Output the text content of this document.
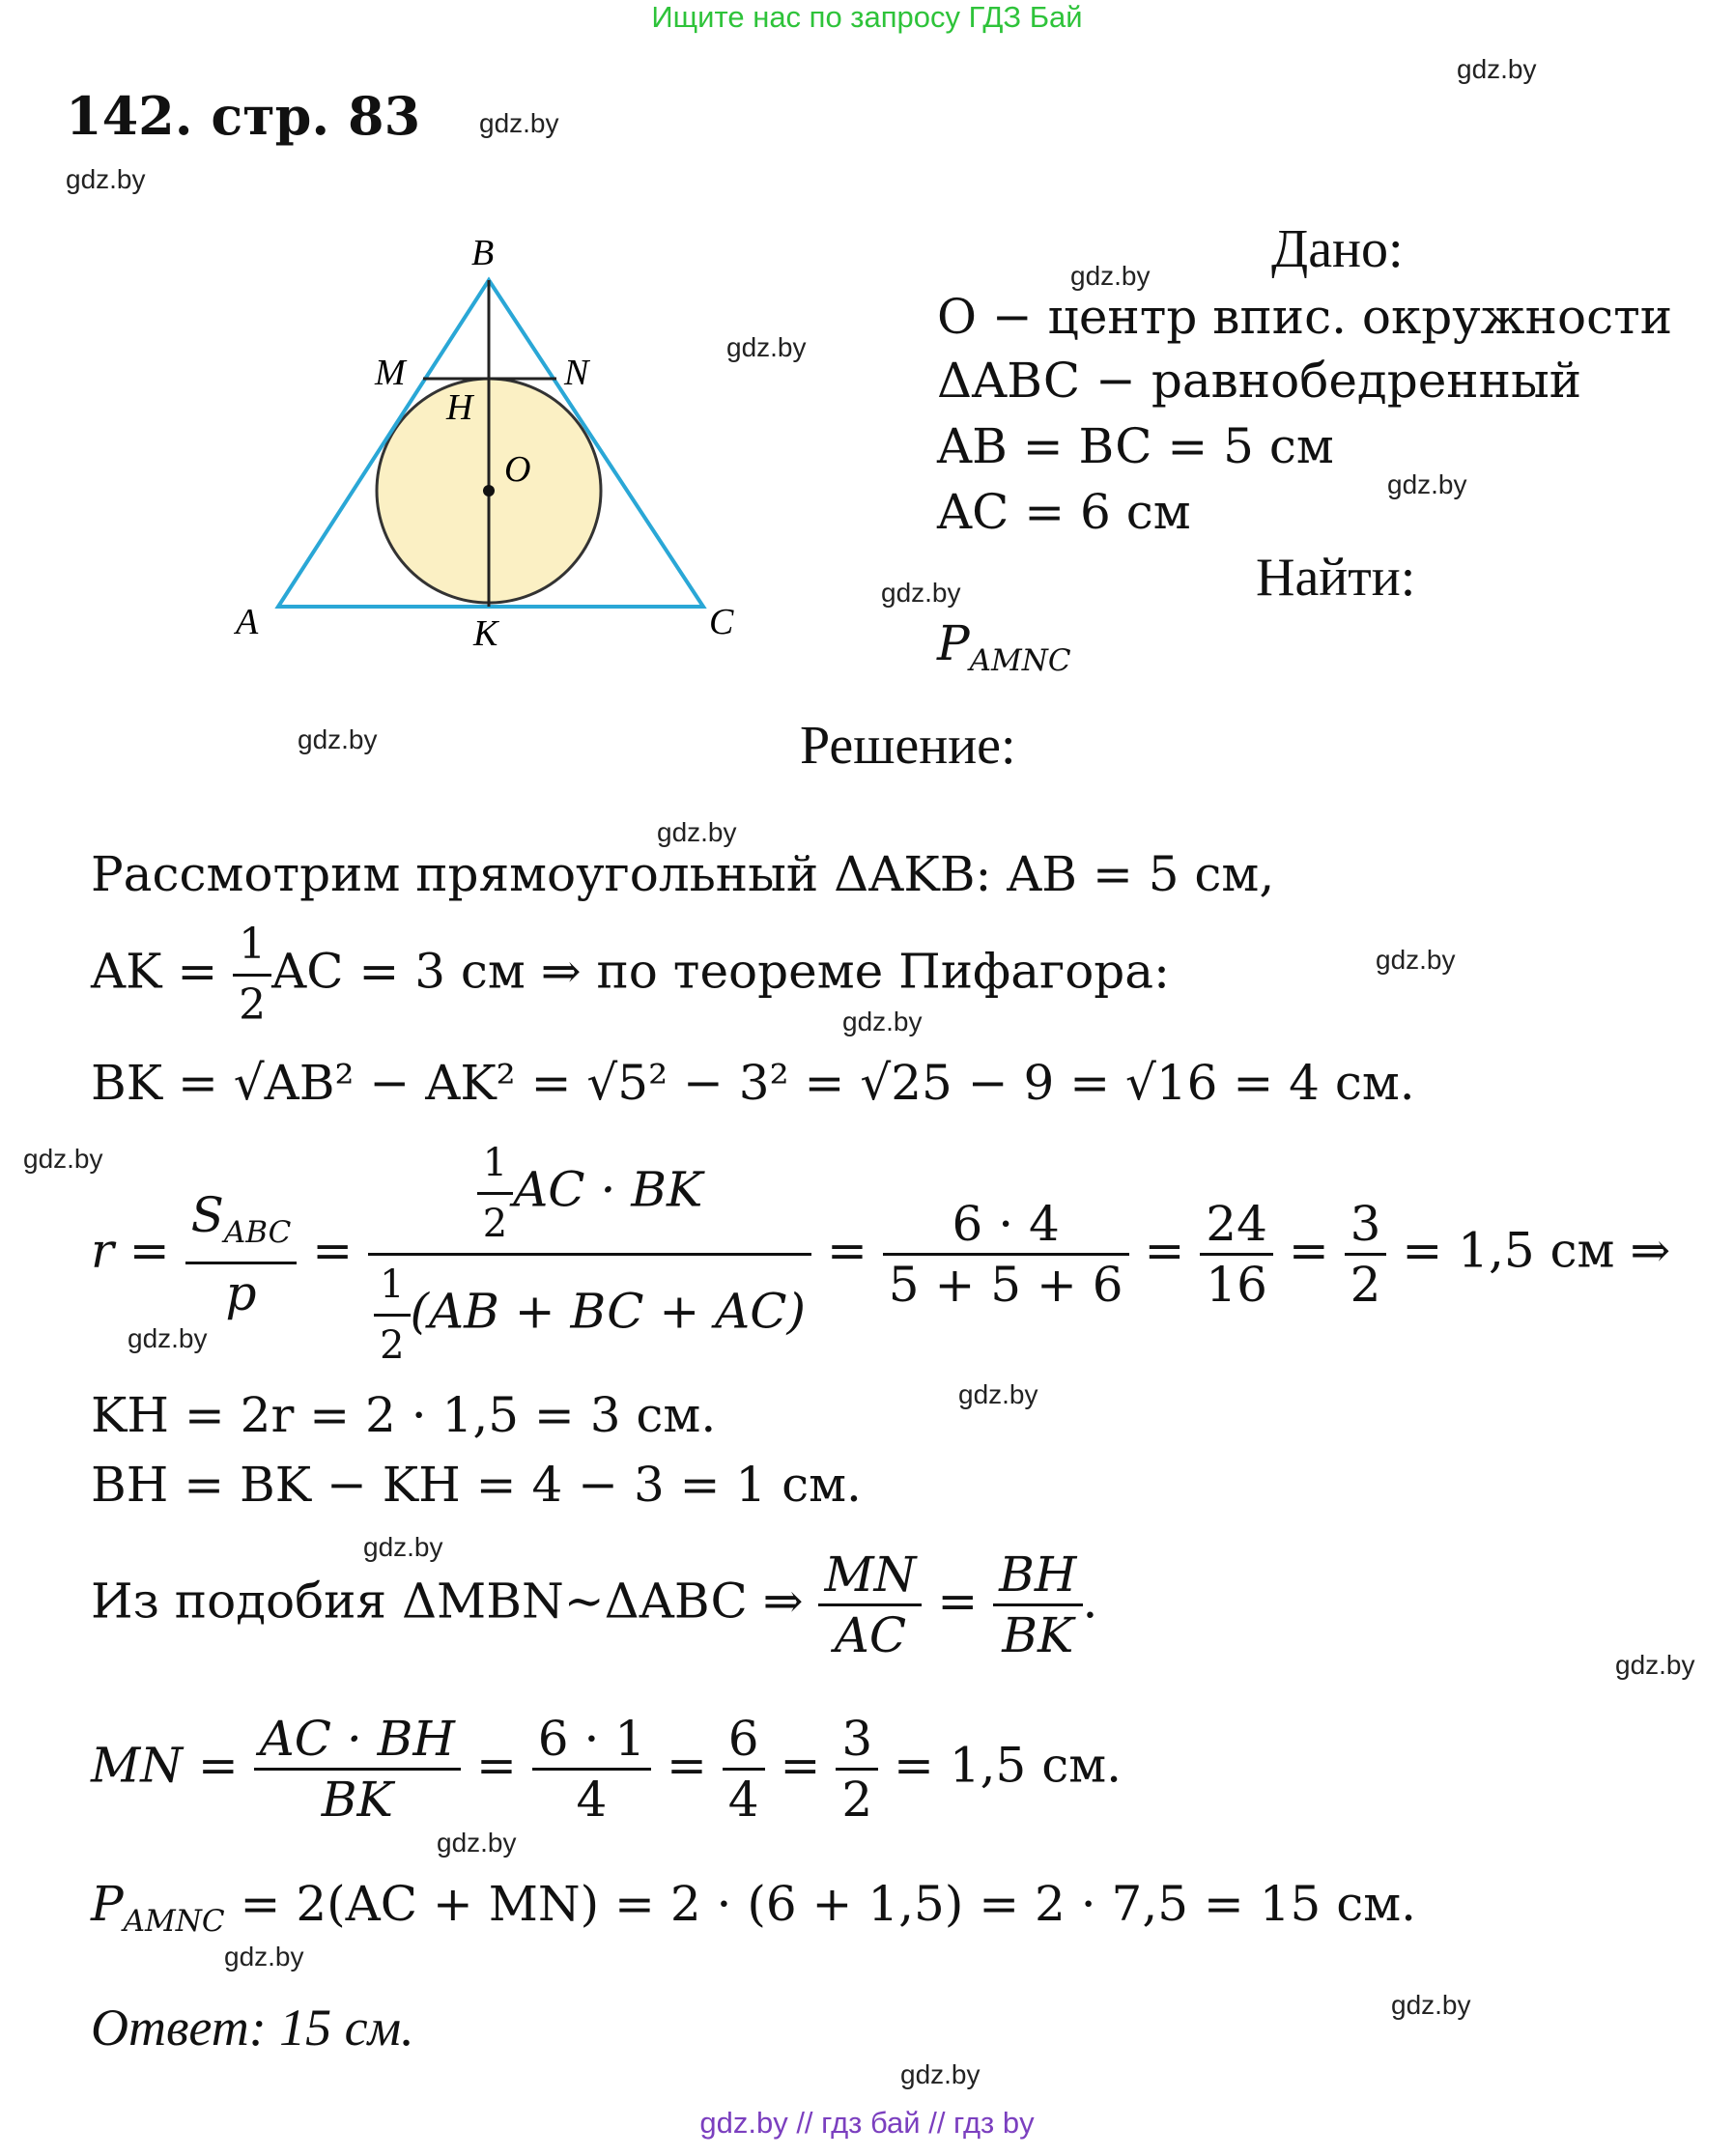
Ищите нас по запросу ГДЗ Бай
142. стр. 83
gdz.by
gdz.by
gdz.by
gdz.by
gdz.by
gdz.by
gdz.by
gdz.by
gdz.by
gdz.by
gdz.by
gdz.by
gdz.by
gdz.by
gdz.by
gdz.by
gdz.by
gdz.by
gdz.by
gdz.by
B
M	N
H
O
A	K	C
Дано:
O − центр впис. окружности
ΔABC − равнобедренный
AB = BC = 5 см
AC = 6 см
Найти:
$P_{AMNC}$
Решение:
Рассмотрим прямоугольный ΔAKB: AB = 5 см,
AK = $\frac{1}{2}$ AC = 3 см ⇒ по теореме Пифагора:
BK = √AB² − AK² = √5² − 3² = √25 − 9 = √16 = 4 см.
$r = \frac{S_{ABC}}{p} = \frac{\frac{1}{2} AC \cdot BK}{\frac{1}{2} (AB + BC + AC)} = \frac{6 \cdot 4}{5 + 5 + 6} = \frac{24}{16} = \frac{3}{2} = 1,5$ см ⇒
KH = 2r = 2 · 1,5 = 3 см.
BH = BK − KH = 4 − 3 = 1 см.
Из подобия ΔMBN∼ΔABC ⇒ $\frac{MN}{AC} = \frac{BH}{BK}$ .
MN = $\frac{AC \cdot BH}{BK} = \frac{6 \cdot 1}{4} = \frac{6}{4} = \frac{3}{2} = 1,5$ см.
$P_{AMNC} = 2(AC + MN) = 2 \cdot (6 + 1,5) = 2 \cdot 7,5 = 15$ см.
Ответ: 15 см.
gdz.by // гдз бай // гдз by
